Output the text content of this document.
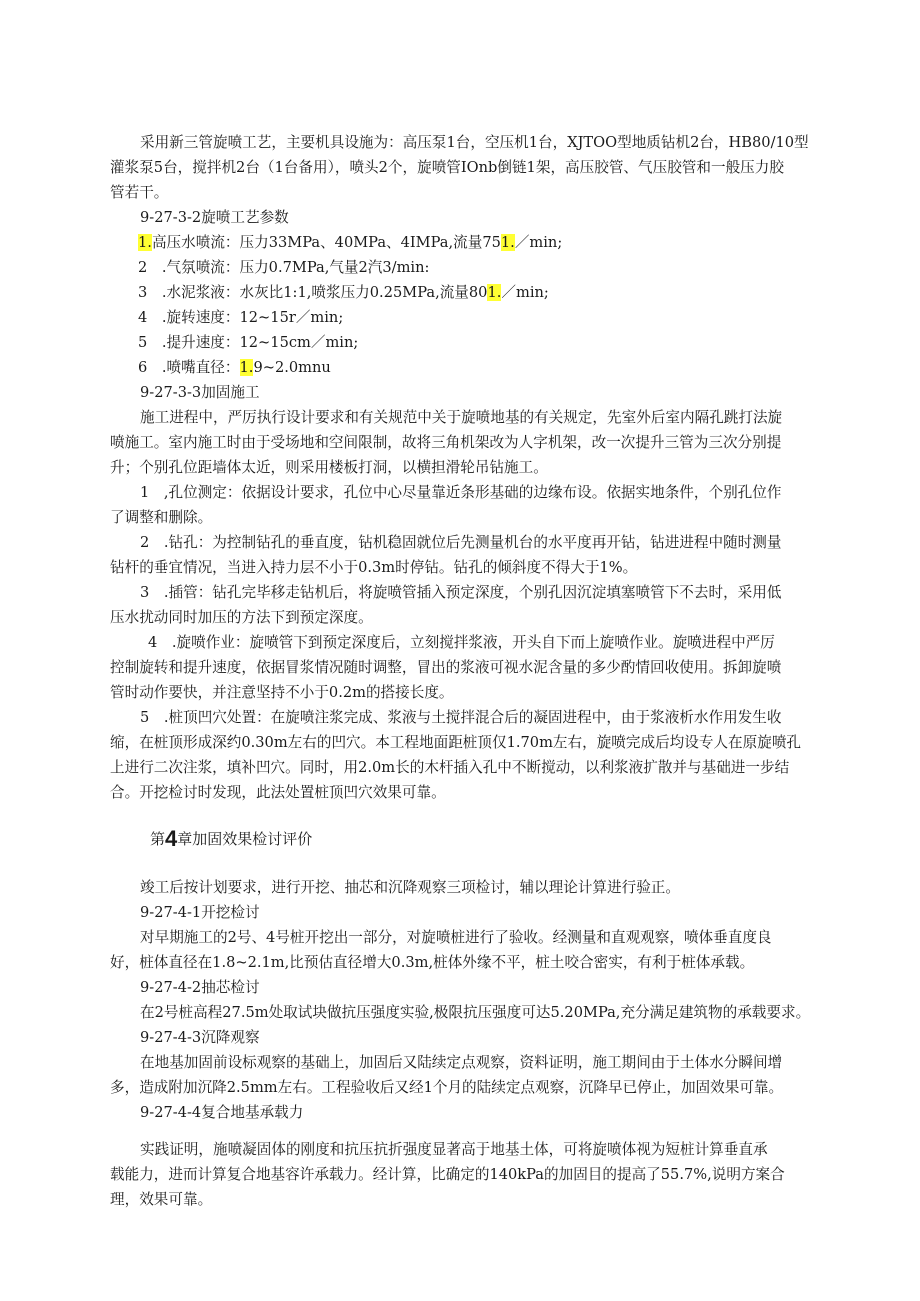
采用新三管旋喷工艺，主要机具设施为：高压泵1台，空压机1台，XJTOO型地质钻机2台，HB80/10型
灌浆泵5台，搅拌机2台（1台备用），喷头2个，旋喷管IOnb倒链1架，高压胶管、气压胶管和一般压力胶
管若干。
9-27-3-2旋喷工艺参数
1.高压水喷流：压力33MPa、40MPa、4IMPa,流量751.／min;
2　.气氛喷流：压力0.7MPa,气量2汽3/min:
3　.水泥浆液：水灰比1:1,喷浆压力0.25MPa,流量801.／min;
4　.旋转速度：12~15r／min;
5　.提升速度：12~15cm／min;
6　.喷嘴直径：1.9~2.0mnu
9-27-3-3加固施工
施工进程中，严厉执行设计要求和有关规范中关于旋喷地基的有关规定，先室外后室内隔孔跳打法旋
喷施工。室内施工时由于受场地和空间限制，故将三角机架改为人字机架，改一次提升三管为三次分别提
升；个别孔位距墙体太近，则采用楼板打洞，以横担滑轮吊钻施工。
1　,孔位测定：依据设计要求，孔位中心尽量靠近条形基础的边缘布设。依据实地条件，个别孔位作
了调整和删除。
2　.钻孔：为控制钻孔的垂直度，钻机稳固就位后先测量机台的水平度再开钻，钻进进程中随时测量
钻杆的垂宜情况，当进入持力层不小于0.3m时停钻。钻孔的倾斜度不得大于1%。
3　.插管：钻孔完毕移走钻机后，将旋喷管插入预定深度，个别孔因沉淀填塞喷管下不去时，采用低
压水扰动同时加压的方法下到预定深度。
4　.旋喷作业：旋喷管下到预定深度后，立刻搅拌浆液，开头自下而上旋喷作业。旋喷进程中严厉
控制旋转和提升速度，依据冒浆情况随时调整，冒出的浆液可视水泥含量的多少酌情回收使用。拆卸旋喷
管时动作要快，并注意坚持不小于0.2m的搭接长度。
5　.桩顶凹穴处置：在旋喷注浆完成、浆液与土搅拌混合后的凝固进程中，由于浆液析水作用发生收
缩，在桩顶形成深约0.30m左右的凹穴。本工程地面距桩顶仅1.70m左右，旋喷完成后均设专人在原旋喷孔
上进行二次注浆，填补凹穴。同时，用2.0m长的木杆插入孔中不断搅动，以利浆液扩散并与基础进一步结
合。开挖检讨时发现，此法处置桩顶凹穴效果可靠。
第4章加固效果检讨评价
竣工后按计划要求，进行开挖、抽芯和沉降观察三项检讨，辅以理论计算进行验正。
9-27-4-1开挖检讨
对早期施工的2号、4号桩开挖出一部分，对旋喷桩进行了验收。经测量和直观观察，喷体垂直度良
好，桩体直径在1.8~2.1m,比预估直径增大0.3m,桩体外缘不平，桩土咬合密实，有利于桩体承载。
9-27-4-2抽芯检讨
在2号桩高程27.5m处取试块做抗压强度实验,极限抗压强度可达5.20MPa,充分满足建筑物的承载要求。
9-27-4-3沉降观察
在地基加固前设标观察的基础上，加固后又陆续定点观察，资料证明，施工期间由于土体水分瞬间增
多，造成附加沉降2.5mm左右。工程验收后又经1个月的陆续定点观察，沉降早已停止，加固效果可靠。
9-27-4-4复合地基承载力
实践证明，施喷凝固体的刚度和抗压抗折强度显著高于地基土体，可将旋喷体视为短桩计算垂直承
载能力，进而计算复合地基容许承载力。经计算，比确定的140kPa的加固目的提高了55.7%,说明方案合
理，效果可靠。
